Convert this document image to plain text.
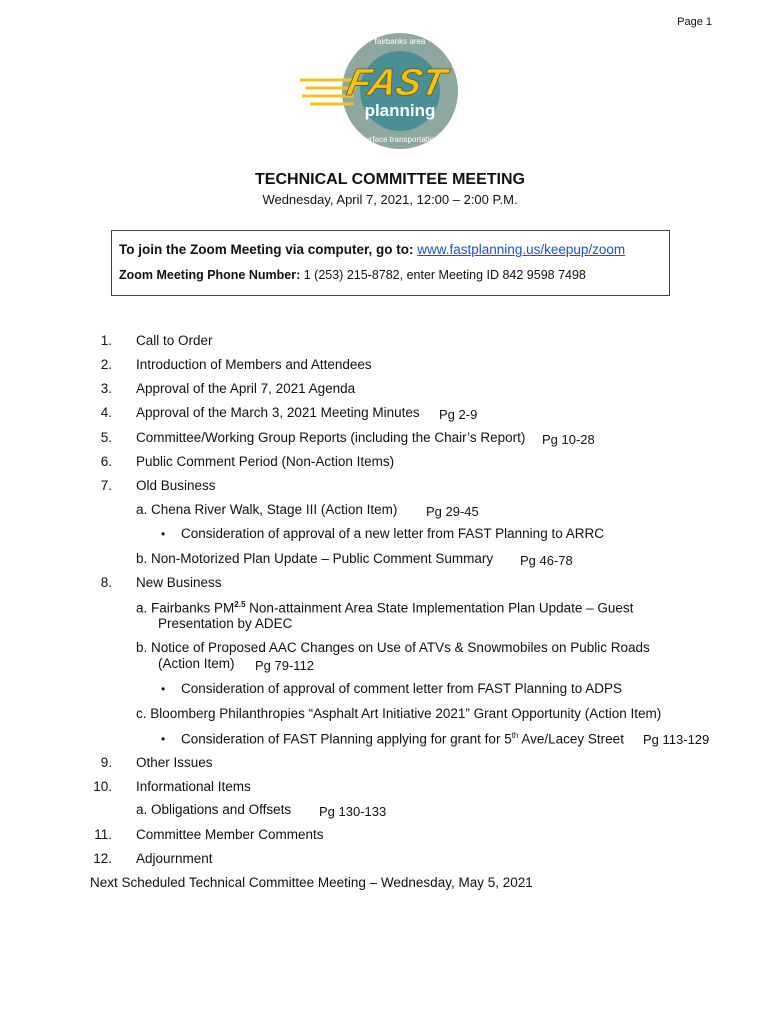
Page 1
FAST
planning
fairbanks area
surface transportation
TECHNICAL COMMITTEE MEETING
Wednesday, April 7, 2021, 12:00 – 2:00 P.M.
To join the Zoom Meeting via computer, go to: www.fastplanning.us/keepup/zoom
Zoom Meeting Phone Number: 1 (253) 215-8782, enter Meeting ID 842 9598 7498
1. Call to Order
2. Introduction of Members and Attendees
3. Approval of the April 7, 2021 Agenda
4. Approval of the March 3, 2021 Meeting Minutes Pg 2-9
5. Committee/Working Group Reports (including the Chair’s Report) Pg 10-28
6. Public Comment Period (Non-Action Items)
7. Old Business
a. Chena River Walk, Stage III (Action Item) Pg 29-45
• Consideration of approval of a new letter from FAST Planning to ARRC
b. Non-Motorized Plan Update – Public Comment Summary Pg 46-78
8. New Business
a. Fairbanks $PM^{2.5}$ Non-attainment Area State Implementation Plan Update – Guest
Presentation by ADEC
b. Notice of Proposed AAC Changes on Use of ATVs & Snowmobiles on Public Roads
(Action Item) Pg 79-112
• Consideration of approval of comment letter from FAST Planning to ADPS
c. Bloomberg Philanthropies “Asphalt Art Initiative 2021” Grant Opportunity (Action Item)
• Consideration of FAST Planning applying for grant for 5th Ave/Lacey Street Pg 113-129
9. Other Issues
10. Informational Items
a. Obligations and Offsets Pg 130-133
11. Committee Member Comments
12. Adjournment
Next Scheduled Technical Committee Meeting – Wednesday, May 5, 2021
